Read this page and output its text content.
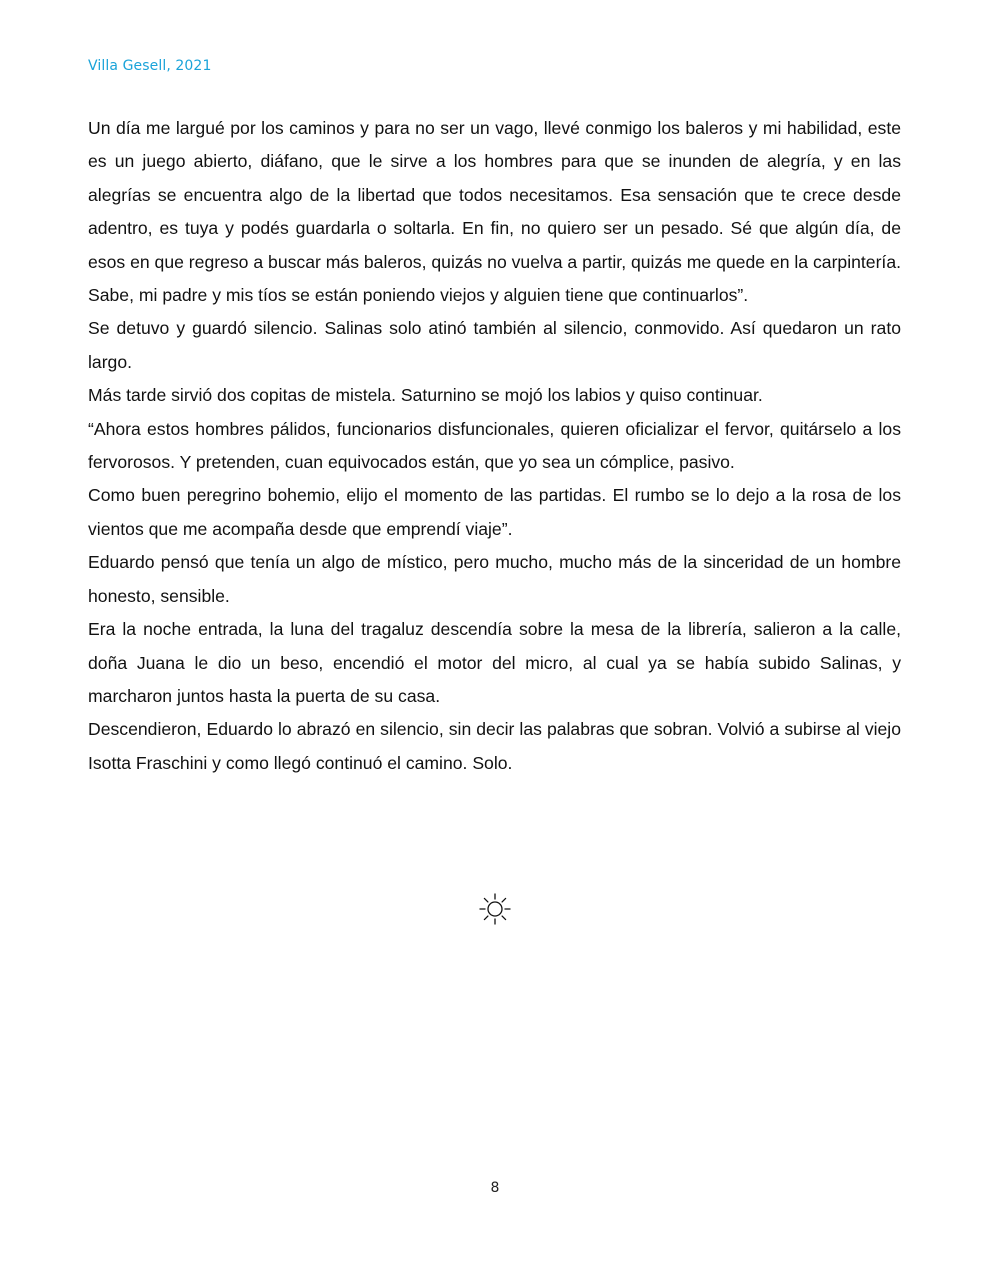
Villa Gesell, 2021

Un día me largué por los caminos y para no ser un vago, llevé conmigo los baleros y mi habilidad, este es un juego abierto, diáfano, que le sirve a los hombres para que se inunden de alegría, y en las alegrías se encuentra algo de la libertad que todos necesitamos. Esa sensación que te crece desde adentro, es tuya y podés guardarla o soltarla. En fin, no quiero ser un pesado. Sé que algún día, de esos en que regreso a buscar más baleros, quizás no vuelva a partir, quizás me quede en la carpintería. Sabe, mi padre y mis tíos se están poniendo viejos y alguien tiene que continuarlos”.

Se detuvo y guardó silencio. Salinas solo atinó también al silencio, conmovido. Así quedaron un rato largo.

Más tarde sirvió dos copitas de mistela. Saturnino se mojó los labios y quiso continuar.

“Ahora estos hombres pálidos, funcionarios disfuncionales, quieren oficializar el fervor, quitárselo a los fervorosos. Y pretenden, cuan equivocados están, que yo sea un cómplice, pasivo.

Como buen peregrino bohemio, elijo el momento de las partidas. El rumbo se lo dejo a la rosa de los vientos que me acompaña desde que emprendí viaje”.

Eduardo pensó que tenía un algo de místico, pero mucho, mucho más de la sinceridad de un hombre honesto, sensible.

Era la noche entrada, la luna del tragaluz descendía sobre la mesa de la librería, salieron a la calle, doña Juana le dio un beso, encendió el motor del micro, al cual ya se había subido Salinas, y marcharon juntos hasta la puerta de su casa.

Descendieron, Eduardo lo abrazó en silencio, sin decir las palabras que sobran. Volvió a subirse al viejo Isotta Fraschini y como llegó continuó el camino. Solo.

8
